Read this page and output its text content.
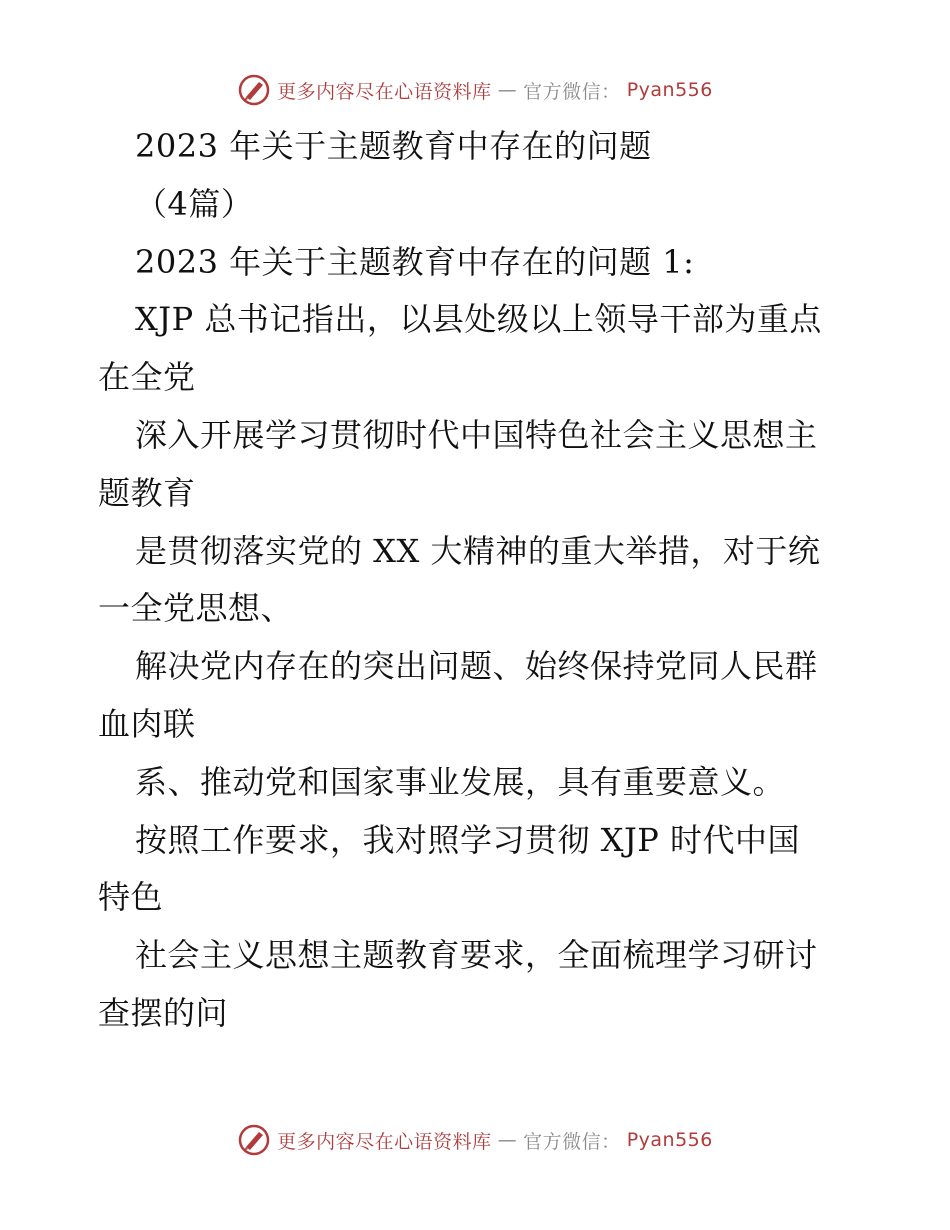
更多内容尽在心语资料库 — 官方微信： Pyan556
2023 年关于主题教育中存在的问题
（4篇）
2023 年关于主题教育中存在的问题 1:
XJP 总书记指出，以县处级以上领导干部为重点
在全党
深入开展学习贯彻时代中国特色社会主义思想主
题教育
是贯彻落实党的 XX 大精神的重大举措，对于统
一全党思想、
解决党内存在的突出问题、始终保持党同人民群
血肉联
系、推动党和国家事业发展，具有重要意义。
按照工作要求，我对照学习贯彻 XJP 时代中国
特色
社会主义思想主题教育要求，全面梳理学习研讨
查摆的问
更多内容尽在心语资料库 — 官方微信： Pyan556
